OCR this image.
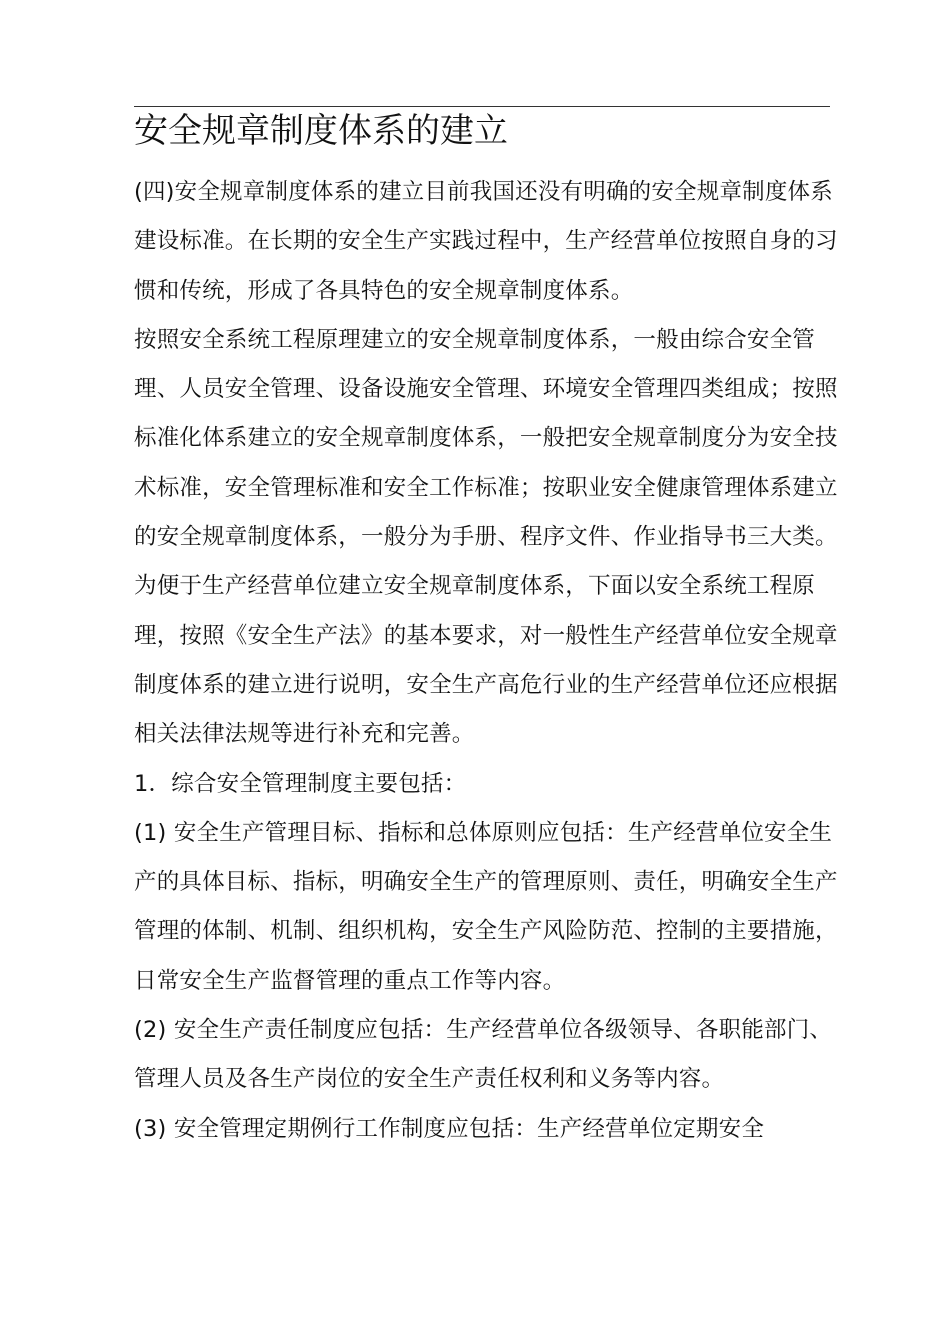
安全规章制度体系的建立

(四)安全规章制度体系的建立目前我国还没有明确的安全规章制度体系建设标准。在长期的安全生产实践过程中，生产经营单位按照自身的习惯和传统，形成了各具特色的安全规章制度体系。

按照安全系统工程原理建立的安全规章制度体系，一般由综合安全管理、人员安全管理、设备设施安全管理、环境安全管理四类组成；按照标准化体系建立的安全规章制度体系，一般把安全规章制度分为安全技术标准，安全管理标准和安全工作标准；按职业安全健康管理体系建立的安全规章制度体系，一般分为手册、程序文件、作业指导书三大类。

为便于生产经营单位建立安全规章制度体系，下面以安全系统工程原理，按照《安全生产法》的基本要求，对一般性生产经营单位安全规章制度体系的建立进行说明，安全生产高危行业的生产经营单位还应根据相关法律法规等进行补充和完善。

1．综合安全管理制度主要包括：

(1) 安全生产管理目标、指标和总体原则应包括：生产经营单位安全生产的具体目标、指标，明确安全生产的管理原则、责任，明确安全生产管理的体制、机制、组织机构，安全生产风险防范、控制的主要措施，日常安全生产监督管理的重点工作等内容。

(2) 安全生产责任制度应包括：生产经营单位各级领导、各职能部门、管理人员及各生产岗位的安全生产责任权利和义务等内容。

(3) 安全管理定期例行工作制度应包括：生产经营单位定期安全
